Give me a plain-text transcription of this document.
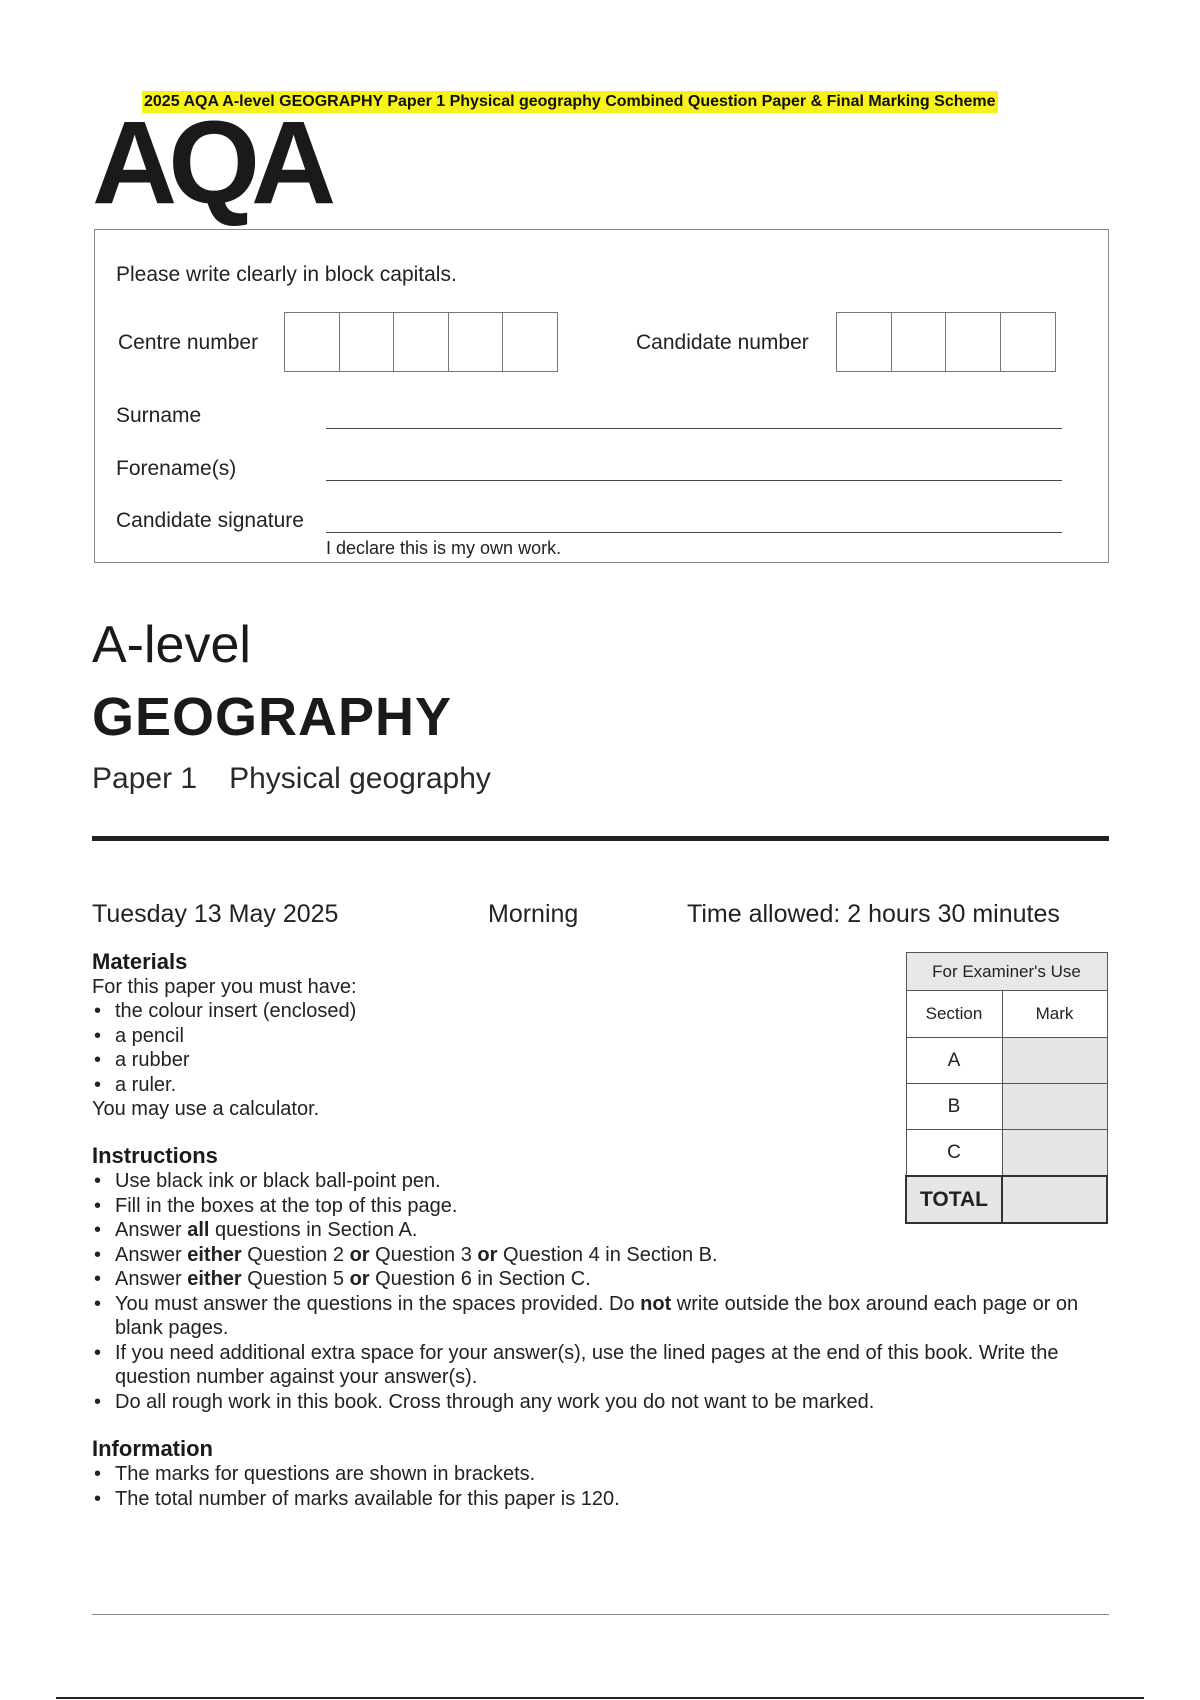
2025 AQA A-level GEOGRAPHY Paper 1 Physical geography Combined Question Paper & Final Marking Scheme
AQA
Please write clearly in block capitals.
Centre number	Candidate number
Surname
Forename(s)
Candidate signature
I declare this is my own work.
A-level
GEOGRAPHY
Paper 1 Physical geography
Tuesday 13 May 2025	Morning	Time allowed: 2 hours 30 minutes
Materials
For this paper you must have:
• the colour insert (enclosed)
• a pencil
• a rubber
• a ruler.
You may use a calculator.
Instructions
• Use black ink or black ball-point pen.
• Fill in the boxes at the top of this page.
• Answer all questions in Section A.
• Answer either Question 2 or Question 3 or Question 4 in Section B.
• Answer either Question 5 or Question 6 in Section C.
• You must answer the questions in the spaces provided. Do not write outside the box around each page or on blank pages.
• If you need additional extra space for your answer(s), use the lined pages at the end of this book. Write the question number against your answer(s).
• Do all rough work in this book. Cross through any work you do not want to be marked.
Information
• The marks for questions are shown in brackets.
• The total number of marks available for this paper is 120.
For Examiner's Use	
Section	Mark
A	
B	
C	
TOTAL	
